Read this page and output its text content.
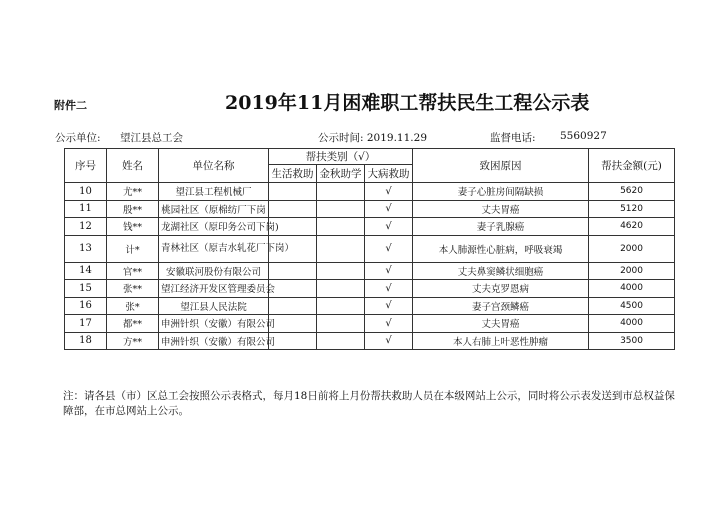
附件二	2019年11月困难职工帮扶民生工程公示表
公示单位: 望江县总工会	公示时间: 2019.11.29	监督电话: 5560927
序号	姓名	单位名称	帮扶类别（√）			致困原因	帮扶金额(元)
			生活救助	金秋助学	大病救助		
10	尤**	望江县工程机械厂			√	妻子心脏房间隔缺损	5620
11	殷**	桃园社区（原棉纺厂下岗			√	丈夫胃癌	5120
12	钱**	龙湖社区（原印务公司下岗)			√	妻子乳腺癌	4620
13	计*	青林社区（原吉水轧花厂下岗）			√	本人肺源性心脏病，呼吸衰竭	2000
14	官**	安徽联河股份有限公司			√	丈夫鼻窦鳞状细胞癌	2000
15	张**	望江经济开发区管理委员会			√	丈夫克罗恩病	4000
16	张*	望江县人民法院			√	妻子宫颈鳞癌	4500
17	都**	申洲针织（安徽）有限公司			√	丈夫胃癌	4000
18	方**	申洲针织（安徽）有限公司			√	本人右肺上叶恶性肿瘤	3500
注：请各县（市）区总工会按照公示表格式，每月18日前将上月份帮扶救助人员在本级网站上公示，同时将公示表发送到市总权益保障部，在市总网站上公示。
